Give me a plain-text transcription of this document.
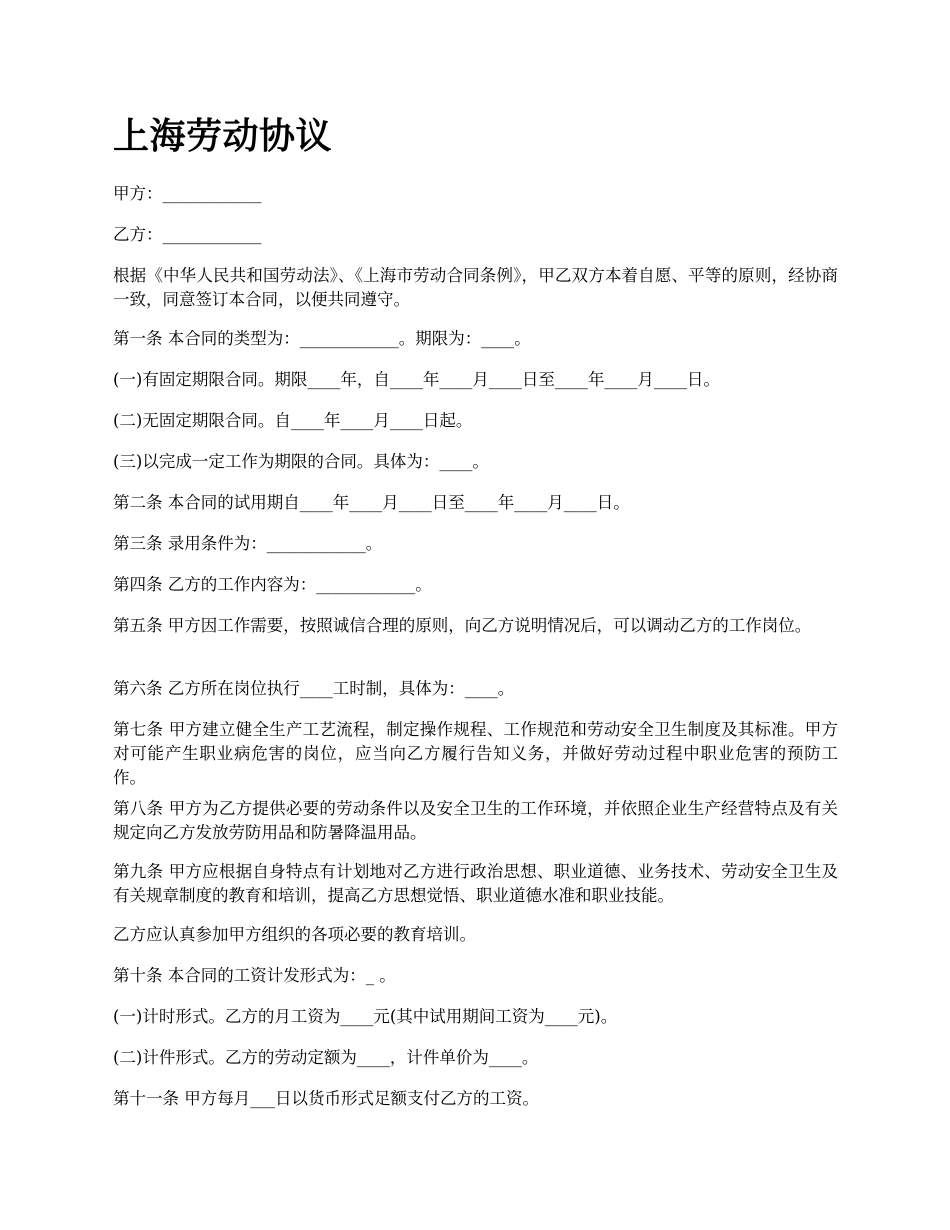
上海劳动协议

甲方：____________

乙方：____________

根据《中华人民共和国劳动法》、《上海市劳动合同条例》，甲乙双方本着自愿、平等的原则，经协商一致，同意签订本合同，以便共同遵守。

第一条 本合同的类型为：____________。期限为：____。

(一)有固定期限合同。期限____年，自____年____月____日至____年____月____日。

(二)无固定期限合同。自____年____月____日起。

(三)以完成一定工作为期限的合同。具体为：____。

第二条 本合同的试用期自____年____月____日至____年____月____日。

第三条 录用条件为：____________。

第四条 乙方的工作内容为：____________。

第五条 甲方因工作需要，按照诚信合理的原则，向乙方说明情况后，可以调动乙方的工作岗位。

第六条 乙方所在岗位执行____工时制，具体为：____。

第七条 甲方建立健全生产工艺流程，制定操作规程、工作规范和劳动安全卫生制度及其标准。甲方对可能产生职业病危害的岗位，应当向乙方履行告知义务，并做好劳动过程中职业危害的预防工作。

第八条 甲方为乙方提供必要的劳动条件以及安全卫生的工作环境，并依照企业生产经营特点及有关规定向乙方发放劳防用品和防暑降温用品。

第九条 甲方应根据自身特点有计划地对乙方进行政治思想、职业道德、业务技术、劳动安全卫生及有关规章制度的教育和培训，提高乙方思想觉悟、职业道德水准和职业技能。

乙方应认真参加甲方组织的各项必要的教育培训。

第十条 本合同的工资计发形式为：_ 。

(一)计时形式。乙方的月工资为____元(其中试用期间工资为____元)。

(二)计件形式。乙方的劳动定额为____，计件单价为____。

第十一条 甲方每月___日以货币形式足额支付乙方的工资。
